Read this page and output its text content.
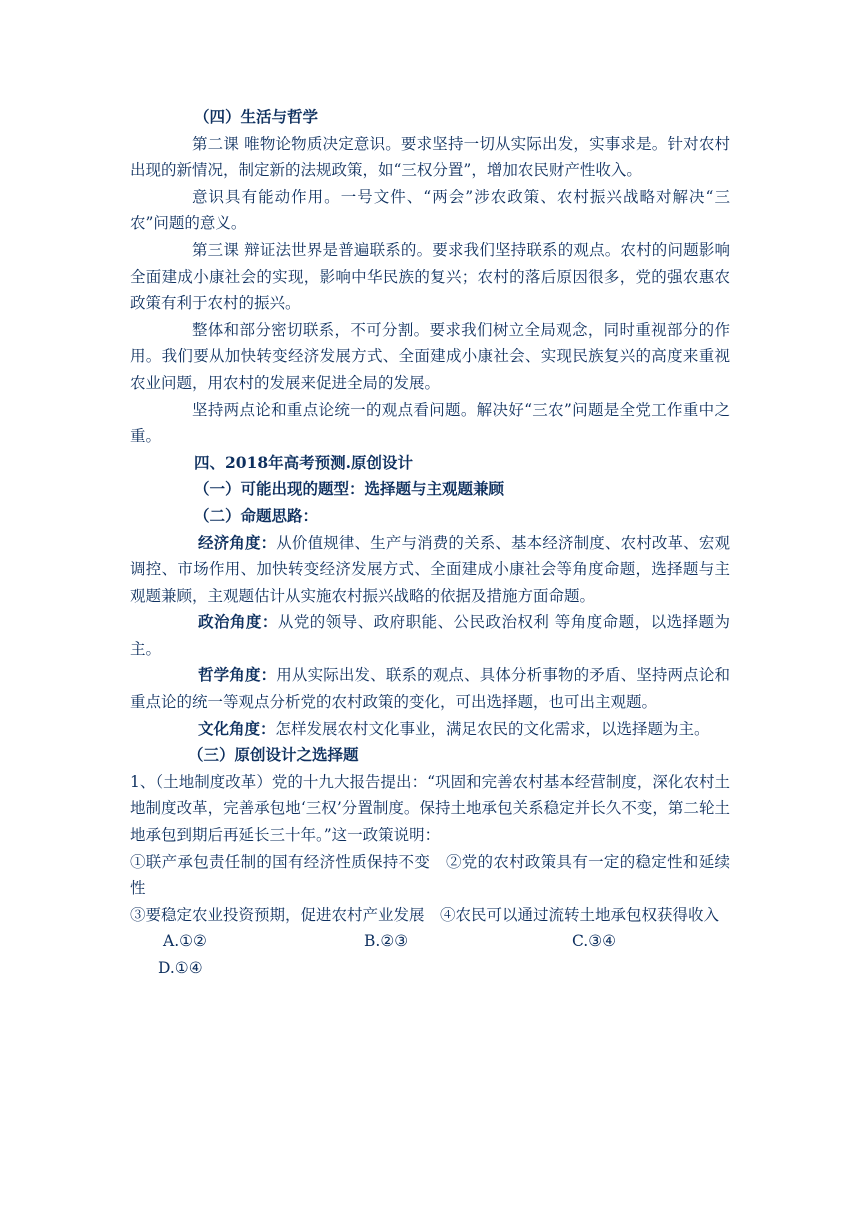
（四）生活与哲学

第二课 唯物论物质决定意识。要求坚持一切从实际出发，实事求是。针对农村出现的新情况，制定新的法规政策，如“三权分置”，增加农民财产性收入。

意识具有能动作用。一号文件、“两会”涉农政策、农村振兴战略对解决“三农”问题的意义。

第三课 辩证法世界是普遍联系的。要求我们坚持联系的观点。农村的问题影响全面建成小康社会的实现，影响中华民族的复兴；农村的落后原因很多，党的强农惠农政策有利于农村的振兴。

整体和部分密切联系，不可分割。要求我们树立全局观念，同时重视部分的作用。我们要从加快转变经济发展方式、全面建成小康社会、实现民族复兴的高度来重视农业问题，用农村的发展来促进全局的发展。

坚持两点论和重点论统一的观点看问题。解决好“三农”问题是全党工作重中之重。

四、2018年高考预测.原创设计

（一）可能出现的题型：选择题与主观题兼顾

（二）命题思路：

经济角度：从价值规律、生产与消费的关系、基本经济制度、农村改革、宏观调控、市场作用、加快转变经济发展方式、全面建成小康社会等角度命题，选择题与主观题兼顾，主观题估计从实施农村振兴战略的依据及措施方面命题。

政治角度：从党的领导、政府职能、公民政治权利 等角度命题，以选择题为主。

哲学角度：用从实际出发、联系的观点、具体分析事物的矛盾、坚持两点论和重点论的统一等观点分析党的农村政策的变化，可出选择题，也可出主观题。

文化角度：怎样发展农村文化事业，满足农民的文化需求，以选择题为主。

（三）原创设计之选择题

1、（土地制度改革）党的十九大报告提出：“巩固和完善农村基本经营制度，深化农村土地制度改革，完善承包地‘三权’分置制度。保持土地承包关系稳定并长久不变，第二轮土地承包到期后再延长三十年。”这一政策说明：

①联产承包责任制的国有经济性质保持不变　②党的农村政策具有一定的稳定性和延续性

③要稳定农业投资预期，促进农村产业发展　④农民可以通过流转土地承包权获得收入

A.①②	B.②③	C.③④
D.①④
